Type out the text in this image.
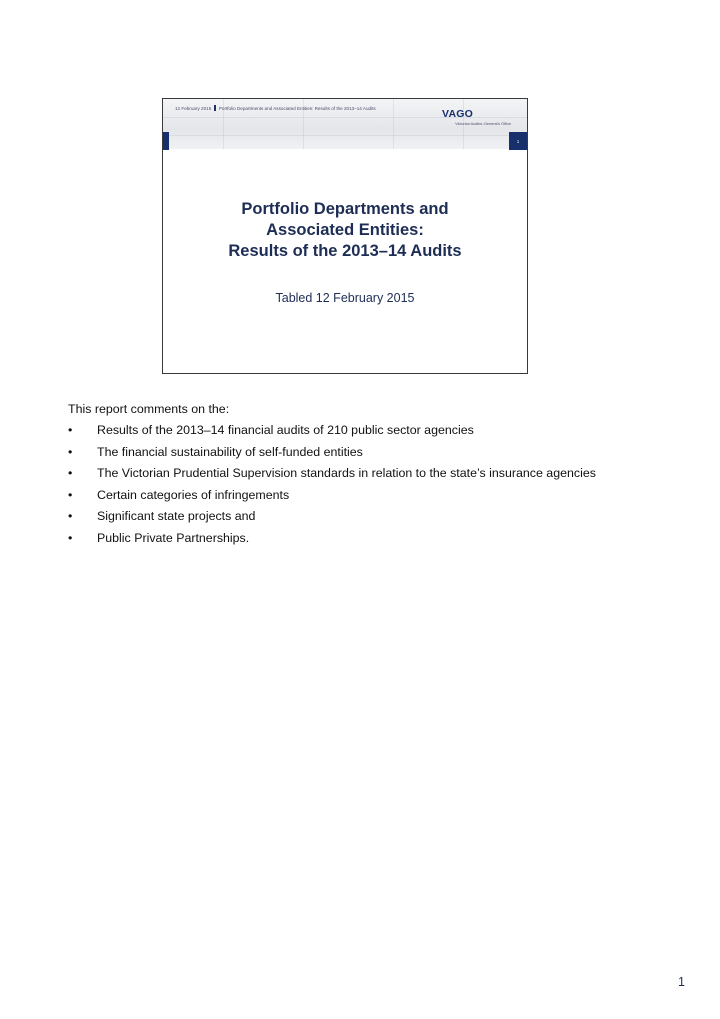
12 February 2015 Portfolio Departments and Associated Entities: Results of the 2013–14 Audits	VAGO
Victorian Auditor-General's Office
1
Portfolio Departments and
Associated Entities:
Results of the 2013–14 Audits
Tabled 12 February 2015

This report comments on the:

• Results of the 2013–14 financial audits of 210 public sector agencies
• The financial sustainability of self-funded entities
• The Victorian Prudential Supervision standards in relation to the state’s insurance agencies
• Certain categories of infringements
• Significant state projects and
• Public Private Partnerships.
1
